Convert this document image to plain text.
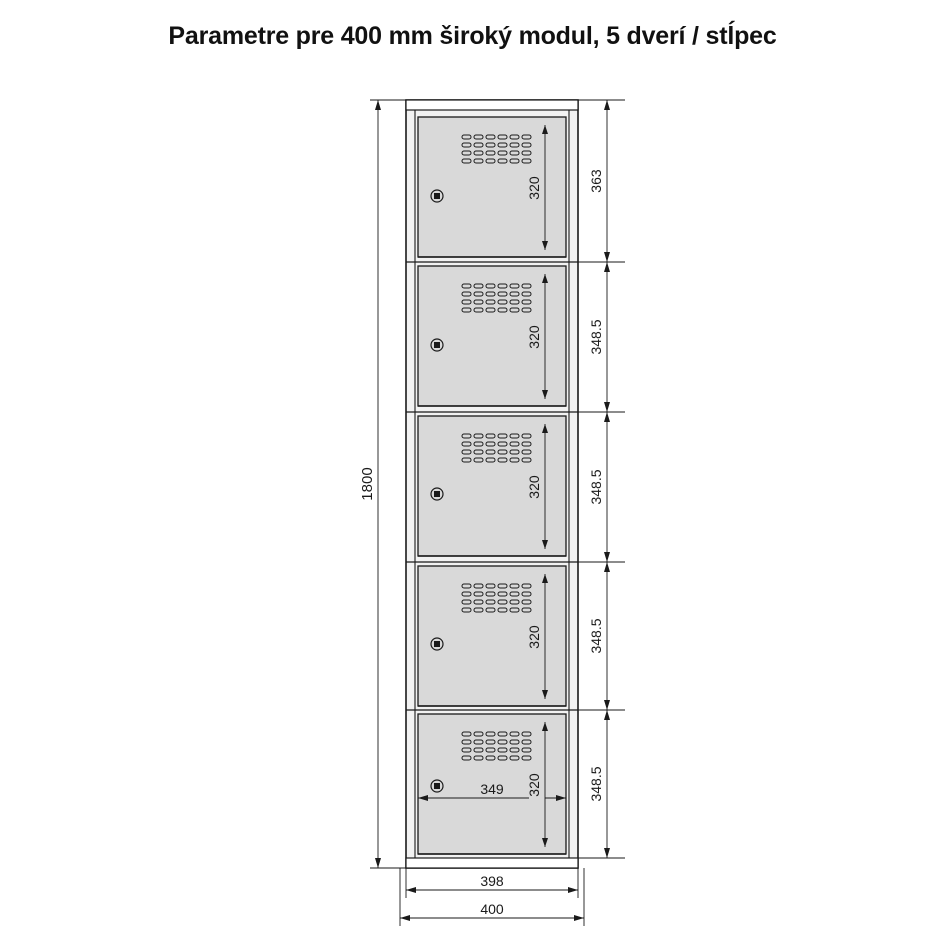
Parametre pre 400 mm široký modul, 5 dverí / stĺpec
1800
320
320
320
320
320
363
348.5
348.5
348.5
348.5
349
398
400
